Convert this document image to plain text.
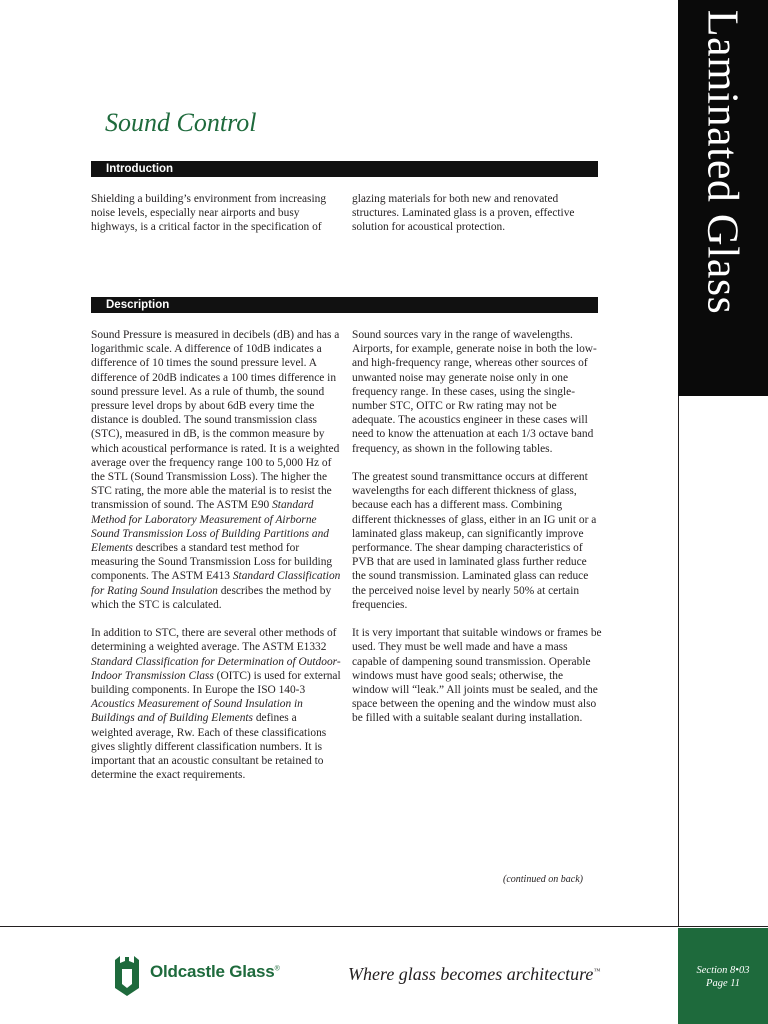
Laminated Glass
Sound Control
Introduction

Shielding a building’s environment from increasing noise levels, especially near airports and busy highways, is a critical factor in the specification of

glazing materials for both new and renovated structures. Laminated glass is a proven, effective solution for acoustical protection.

Description

Sound Pressure is measured in decibels (dB) and has a logarithmic scale. A difference of 10dB indicates a difference of 10 times the sound pressure level. A difference of 20dB indicates a 100 times difference in sound pressure level. As a rule of thumb, the sound pressure level drops by about 6dB every time the distance is doubled. The sound transmission class (STC), measured in dB, is the common measure by which acoustical performance is rated. It is a weighted average over the frequency range 100 to 5,000 Hz of the STL (Sound Transmission Loss). The higher the STC rating, the more able the material is to resist the transmission of sound. The ASTM E90 Standard Method for Laboratory Measurement of Airborne Sound Transmission Loss of Building Partitions and Elements describes a standard test method for measuring the Sound Transmission Loss for building components. The ASTM E413 Standard Classification for Rating Sound Insulation describes the method by which the STC is calculated.

In addition to STC, there are several other methods of determining a weighted average. The ASTM E1332 Standard Classification for Determination of Outdoor-Indoor Transmission Class (OITC) is used for external building components. In Europe the ISO 140-3 Acoustics Measurement of Sound Insulation in Buildings and of Building Elements defines a weighted average, Rw. Each of these classifications gives slightly different classification numbers. It is important that an acoustic consultant be retained to determine the exact requirements.

Sound sources vary in the range of wavelengths. Airports, for example, generate noise in both the low- and high-frequency range, whereas other sources of unwanted noise may generate noise only in one frequency range. In these cases, using the single-number STC, OITC or Rw rating may not be adequate. The acoustics engineer in these cases will need to know the attenuation at each 1/3 octave band frequency, as shown in the following tables.

The greatest sound transmittance occurs at different wavelengths for each different thickness of glass, because each has a different mass. Combining different thicknesses of glass, either in an IG unit or a laminated glass makeup, can significantly improve performance. The shear damping characteristics of PVB that are used in laminated glass further reduce the sound transmission. Laminated glass can reduce the perceived noise level by nearly 50% at certain frequencies.

It is very important that suitable windows or frames be used. They must be well made and have a mass capable of dampening sound transmission. Operable windows must have good seals; otherwise, the window will “leak.” All joints must be sealed, and the space between the opening and the window must also be filled with a suitable sealant during installation.

(continued on back)
Oldcastle Glass®	Where glass becomes architecture™	Section 8•03
Page 11
